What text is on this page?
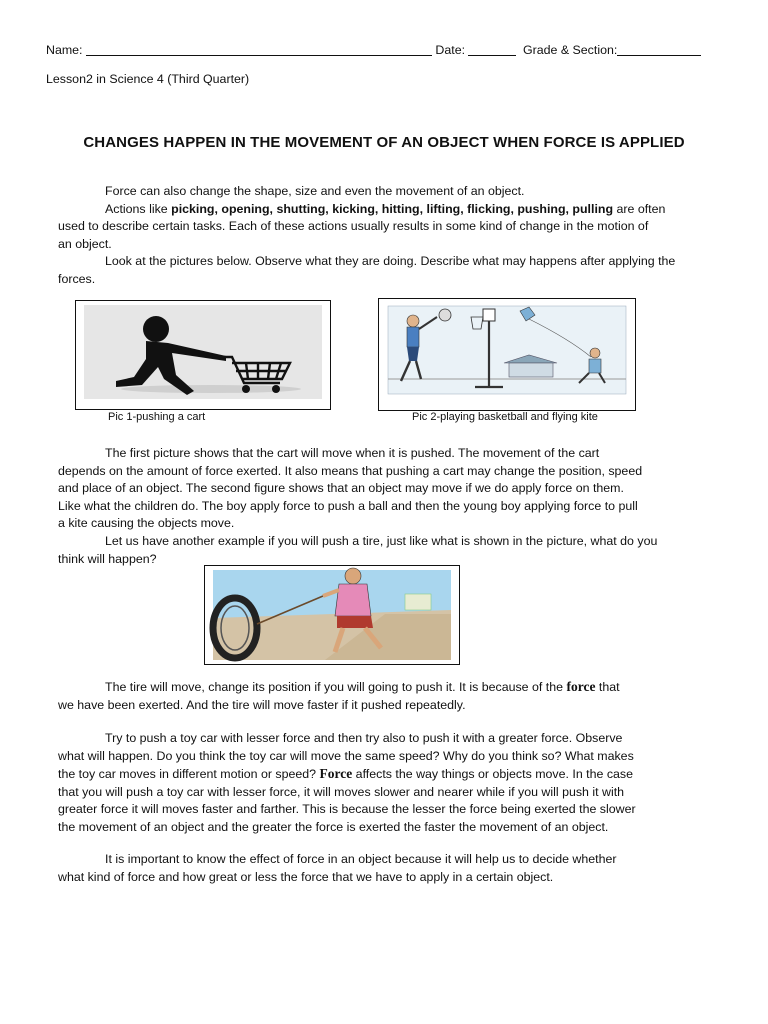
Name:	Date:	Grade & Section:
Lesson2 in Science 4 (Third Quarter)
CHANGES HAPPEN IN THE MOVEMENT OF AN OBJECT WHEN FORCE IS APPLIED
Force can also change the shape, size and even the movement of an object.
Actions like picking, opening, shutting, kicking, hitting, lifting, flicking, pushing, pulling are often
used to describe certain tasks. Each of these actions usually results in some kind of change in the motion of
an object.
Look at the pictures below. Observe what they are doing. Describe what may happens after applying the
forces.
Pic 1-pushing a cart	Pic 2-playing basketball and flying kite
The first picture shows that the cart will move when it is pushed. The movement of the cart
depends on the amount of force exerted. It also means that pushing a cart may change the position, speed
and place of an object. The second figure shows that an object may move if we do apply force on them.
Like what the children do. The boy apply force to push a ball and then the young boy applying force to pull
a kite causing the objects move.
Let us have another example if you will push a tire, just like what is shown in the picture, what do you
think will happen?
The tire will move, change its position if you will going to push it. It is because of the force that
we have been exerted. And the tire will move faster if it pushed repeatedly.
Try to push a toy car with lesser force and then try also to push it with a greater force. Observe
what will happen. Do you think the toy car will move the same speed? Why do you think so? What makes
the toy car moves in different motion or speed? Force affects the way things or objects move. In the case
that you will push a toy car with lesser force, it will moves slower and nearer while if you will push it with
greater force it will moves faster and farther. This is because the lesser the force being exerted the slower
the movement of an object and the greater the force is exerted the faster the movement of an object.
It is important to know the effect of force in an object because it will help us to decide whether
what kind of force and how great or less the force that we have to apply in a certain object.
